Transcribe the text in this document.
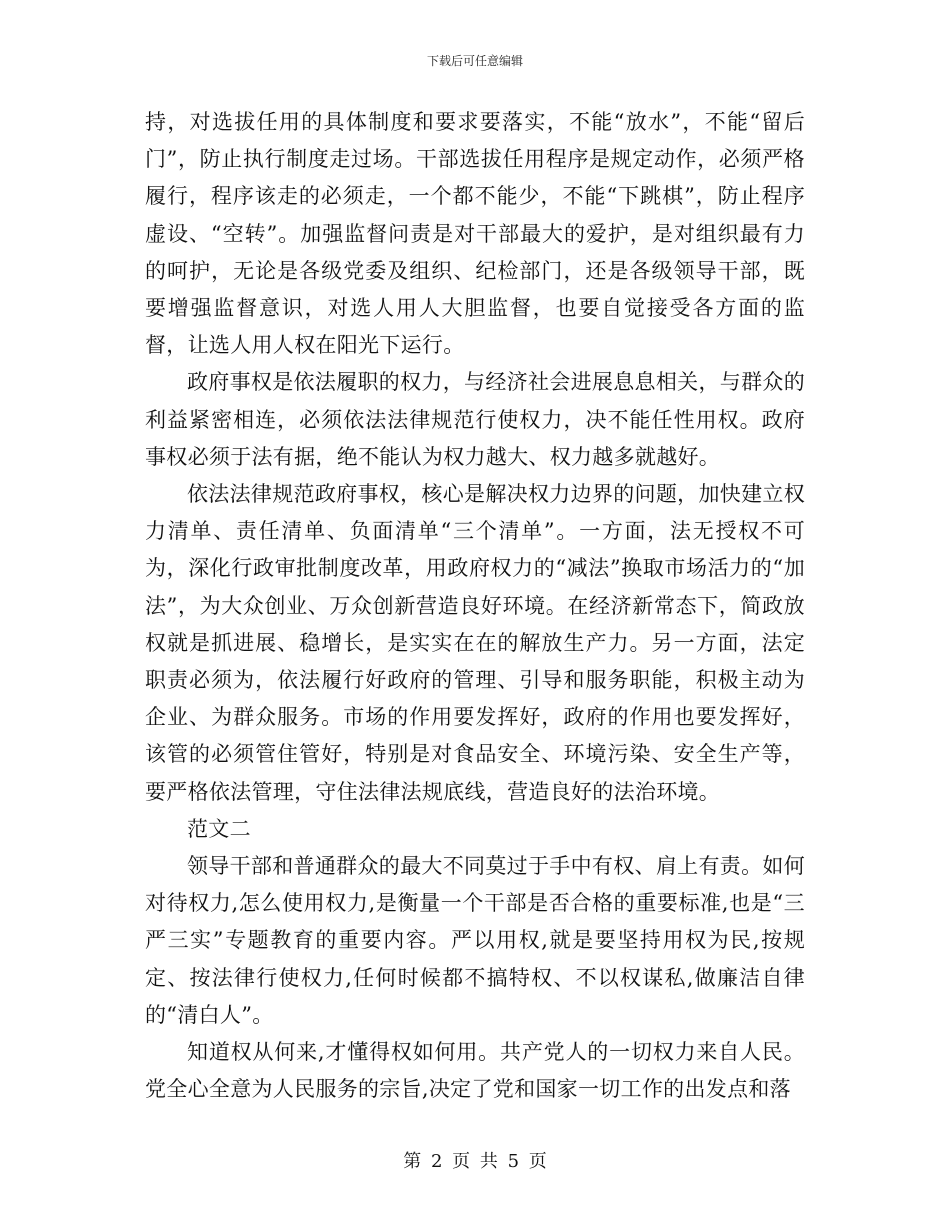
下载后可任意编辑

持，对选拔任用的具体制度和要求要落实，不能“放水”，不能“留后门”，防止执行制度走过场。干部选拔任用程序是规定动作，必须严格履行，程序该走的必须走，一个都不能少，不能“下跳棋”，防止程序虚设、“空转”。加强监督问责是对干部最大的爱护，是对组织最有力的呵护，无论是各级党委及组织、纪检部门，还是各级领导干部，既要增强监督意识，对选人用人大胆监督，也要自觉接受各方面的监督，让选人用人权在阳光下运行。

政府事权是依法履职的权力，与经济社会进展息息相关，与群众的利益紧密相连，必须依法法律规范行使权力，决不能任性用权。政府事权必须于法有据，绝不能认为权力越大、权力越多就越好。

依法法律规范政府事权，核心是解决权力边界的问题，加快建立权力清单、责任清单、负面清单“三个清单”。一方面，法无授权不可为，深化行政审批制度改革，用政府权力的“减法”换取市场活力的“加法”，为大众创业、万众创新营造良好环境。在经济新常态下，简政放权就是抓进展、稳增长，是实实在在的解放生产力。另一方面，法定职责必须为，依法履行好政府的管理、引导和服务职能，积极主动为企业、为群众服务。市场的作用要发挥好，政府的作用也要发挥好，该管的必须管住管好，特别是对食品安全、环境污染、安全生产等，要严格依法管理，守住法律法规底线，营造良好的法治环境。

范文二

领导干部和普通群众的最大不同莫过于手中有权、肩上有责。如何对待权力,怎么使用权力,是衡量一个干部是否合格的重要标准,也是“三严三实”专题教育的重要内容。严以用权,就是要坚持用权为民,按规定、按法律行使权力,任何时候都不搞特权、不以权谋私,做廉洁自律的“清白人”。

知道权从何来,才懂得权如何用。共产党人的一切权力来自人民。党全心全意为人民服务的宗旨,决定了党和国家一切工作的出发点和落

第 2 页 共 5 页
